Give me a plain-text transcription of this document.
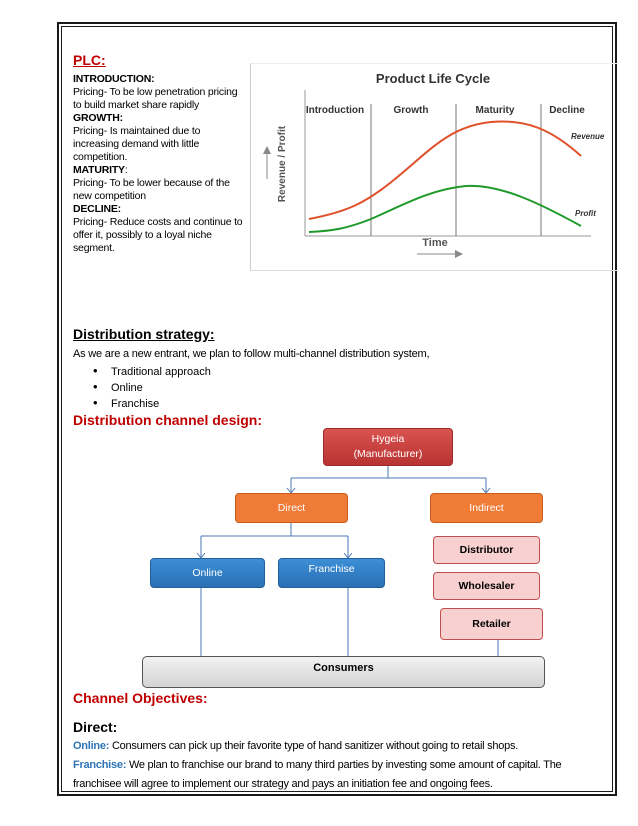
PLC:
INTRODUCTION:
Pricing- To be low penetration pricing to build market share rapidly
GROWTH:
Pricing- Is maintained due to increasing demand with little competition.
MATURITY:
Pricing- To be lower because of the new competition
DECLINE:
Pricing- Reduce costs and continue to offer it, possibly to a loyal niche segment.
Product Life Cycle
Introduction	Growth	Maturity	Decline
Revenue / Profit
Time
Revenue
Profit
Distribution strategy:
As we are a new entrant, we plan to follow multi-channel distribution system,
• Traditional approach
• Online
• Franchise
Distribution channel design:
Hygeia
(Manufacturer)
Direct	Indirect
Online	Franchise
Distributor
Wholesaler
Retailer
Consumers
Channel Objectives:
Direct:
Online: Consumers can pick up their favorite type of hand sanitizer without going to retail shops.
Franchise: We plan to franchise our brand to many third parties by investing some amount of capital. The
franchisee will agree to implement our strategy and pays an initiation fee and ongoing fees.
